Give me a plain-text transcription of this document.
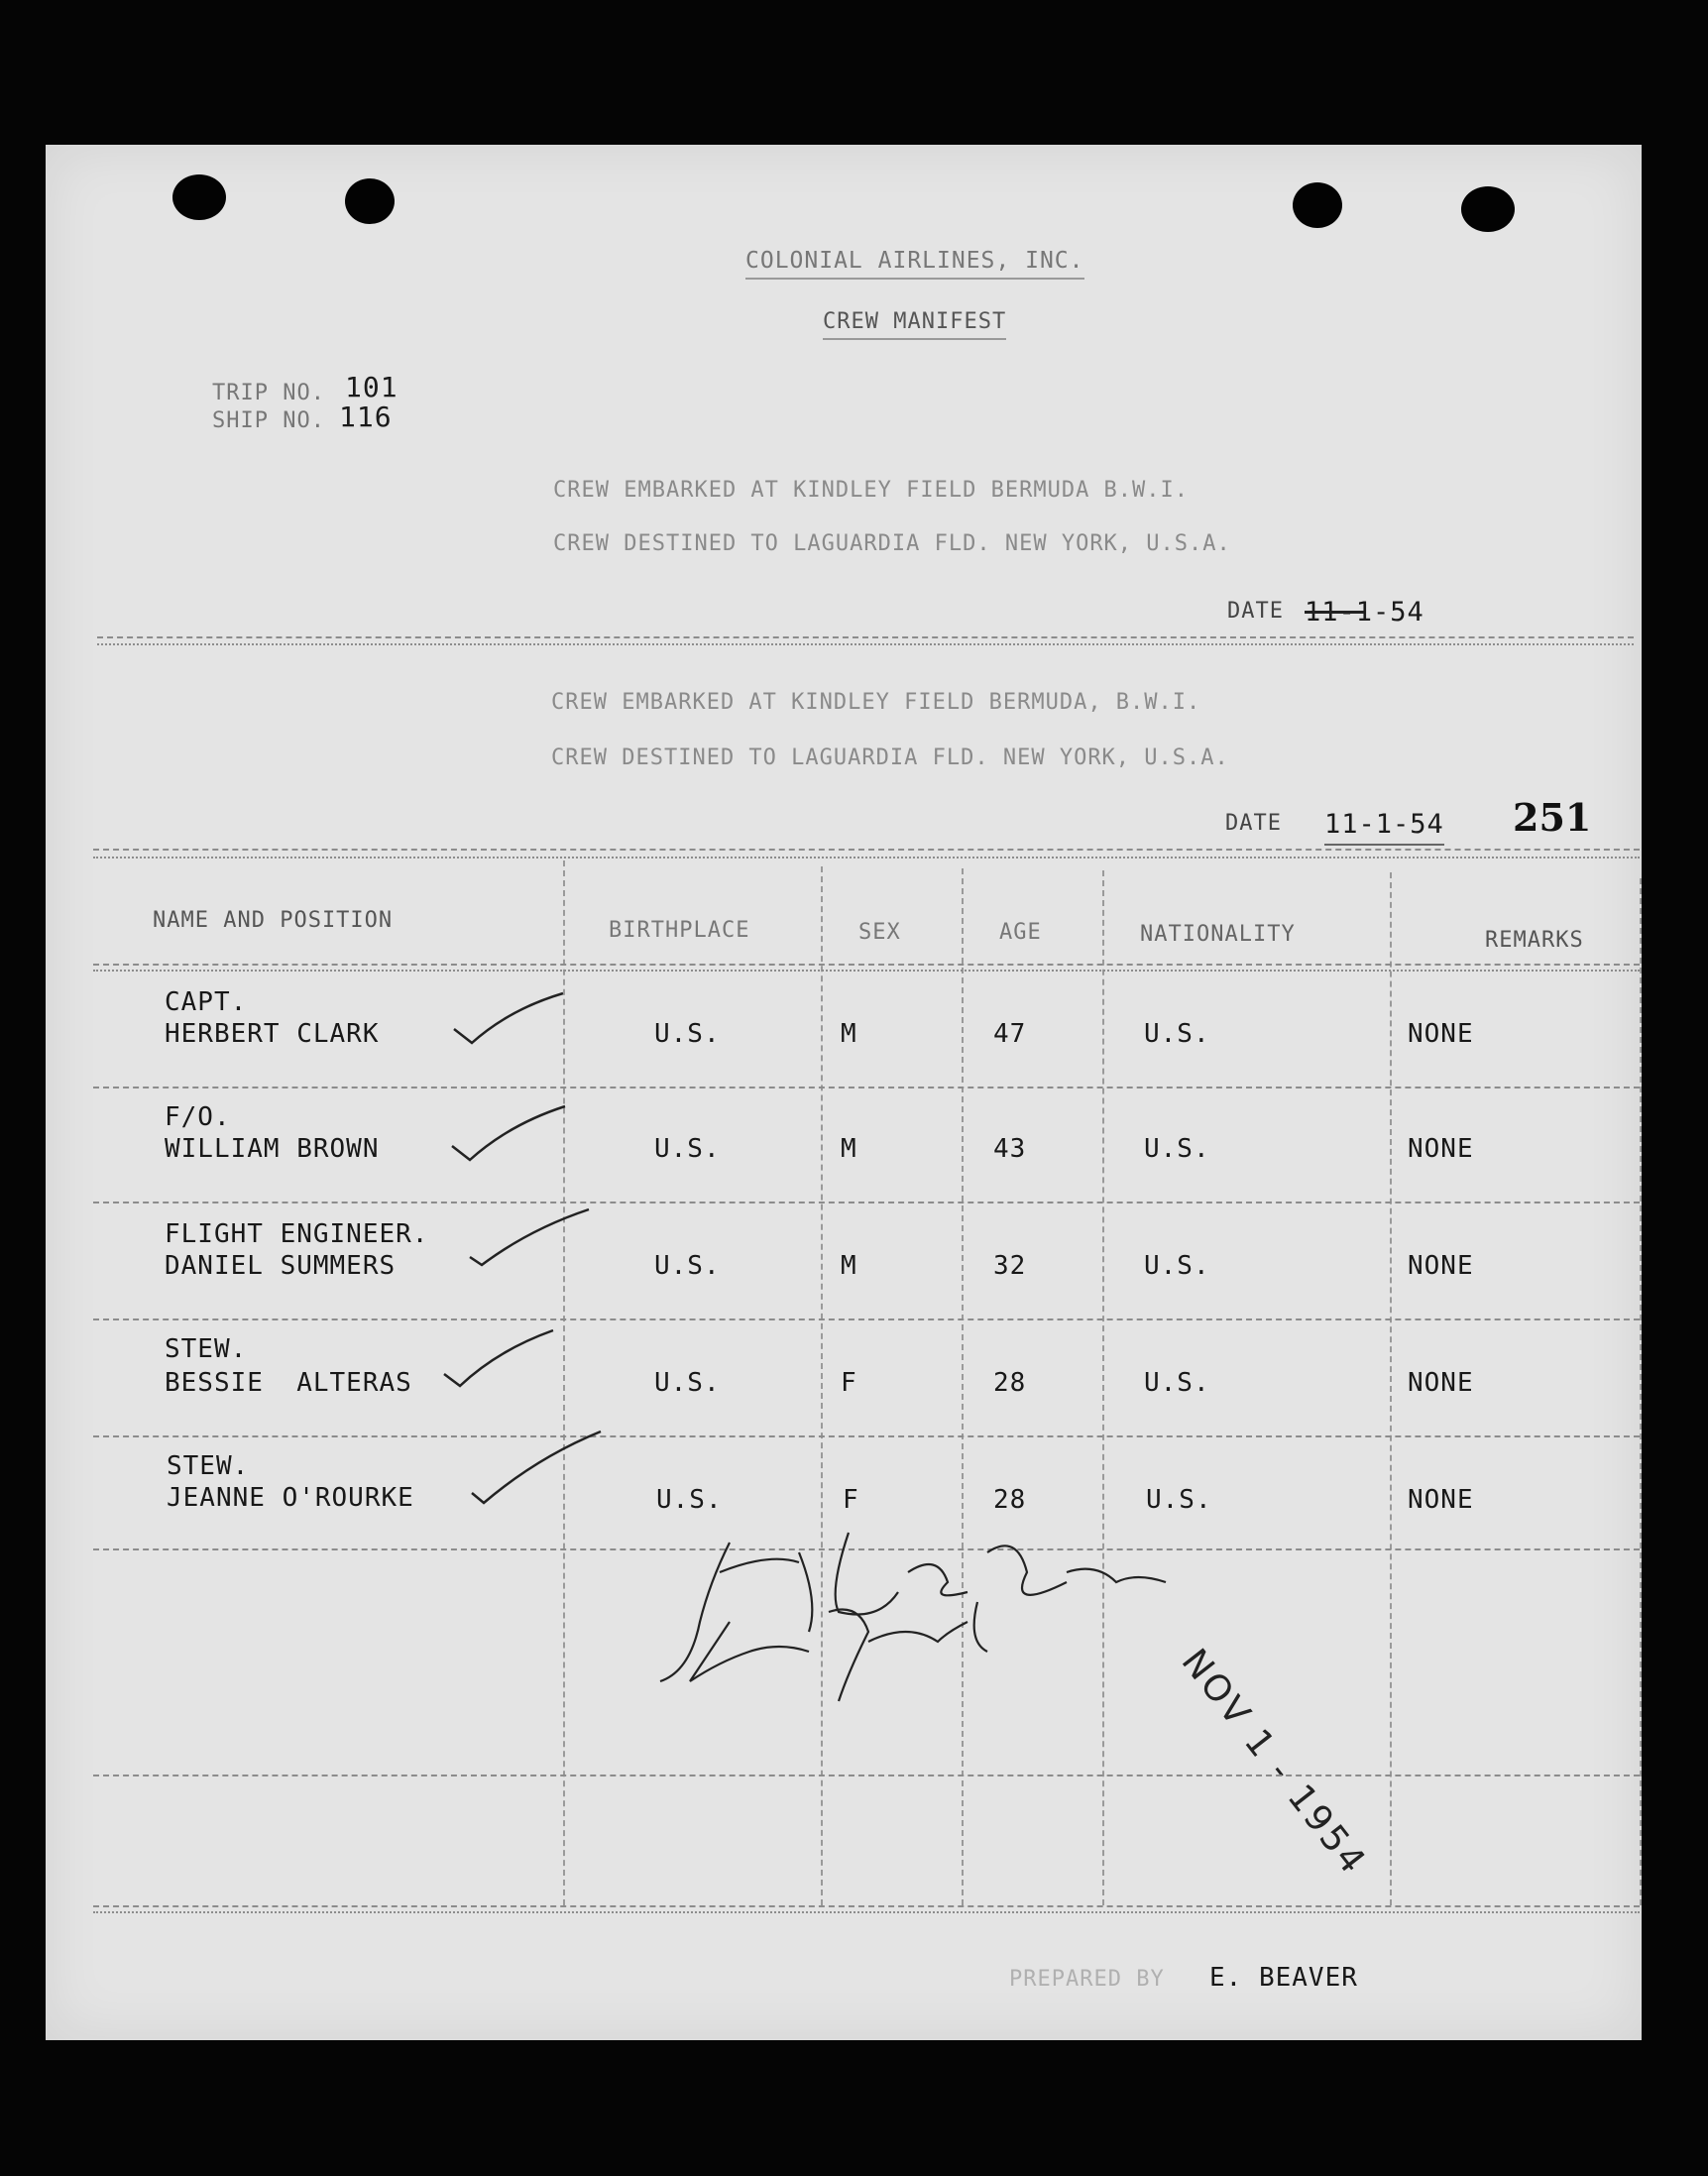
COLONIAL AIRLINES, INC.
CREW MANIFEST
TRIP NO. 101
SHIP NO. 116
CREW EMBARKED AT KINDLEY FIELD BERMUDA B.W.I.
CREW DESTINED TO LAGUARDIA FLD. NEW YORK, U.S.A.
DATE 11-1-54
CREW EMBARKED AT KINDLEY FIELD BERMUDA, B.W.I.
CREW DESTINED TO LAGUARDIA FLD. NEW YORK, U.S.A.
DATE 11-1-54 251
NAME AND POSITION	BIRTHPLACE	SEX	AGE	NATIONALITY	REMARKS
CAPT.
HERBERT CLARK	U.S.	M	47	U.S.	NONE
F/O.
WILLIAM BROWN	U.S.	M	43	U.S.	NONE
FLIGHT ENGINEER.
DANIEL SUMMERS	U.S.	M	32	U.S.	NONE
STEW.
BESSIE  ALTERAS	U.S.	F	28	U.S.	NONE
STEW.
JEANNE O'ROURKE	U.S.	F	28	U.S.	NONE
NOV 1 - 1954
PREPARED BY E. BEAVER
